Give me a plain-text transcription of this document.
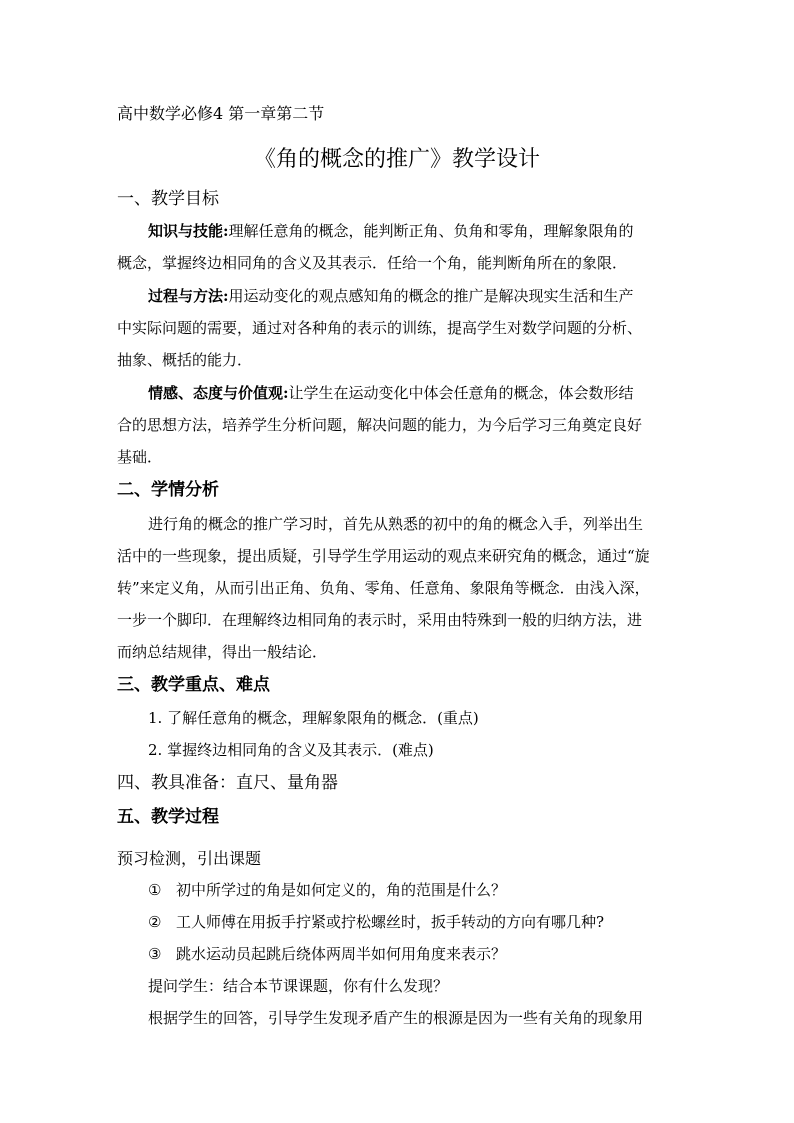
高中数学必修4 第一章第二节
《角的概念的推广》教学设计
一、教学目标
知识与技能:理解任意角的概念，能判断正角、负角和零角，理解象限角的
概念，掌握终边相同角的含义及其表示．任给一个角，能判断角所在的象限．
过程与方法:用运动变化的观点感知角的概念的推广是解决现实生活和生产
中实际问题的需要，通过对各种角的表示的训练，提高学生对数学问题的分析、
抽象、概括的能力．
情感、态度与价值观:让学生在运动变化中体会任意角的概念，体会数形结
合的思想方法，培养学生分析问题，解决问题的能力，为今后学习三角奠定良好
基础．
二、学情分析
进行角的概念的推广学习时，首先从熟悉的初中的角的概念入手，列举出生
活中的一些现象，提出质疑，引导学生学用运动的观点来研究角的概念，通过“旋
转”来定义角，从而引出正角、负角、零角、任意角、象限角等概念．由浅入深，
一步一个脚印．在理解终边相同角的表示时，采用由特殊到一般的归纳方法，进
而纳总结规律，得出一般结论．
三、教学重点、难点
1. 了解任意角的概念，理解象限角的概念．(重点)
2. 掌握终边相同角的含义及其表示．(难点)
四、教具准备：直尺、量角器
五、教学过程
预习检测，引出课题
① 初中所学过的角是如何定义的，角的范围是什么？
② 工人师傅在用扳手拧紧或拧松螺丝时，扳手转动的方向有哪几种?
③ 跳水运动员起跳后绕体两周半如何用角度来表示？
提问学生：结合本节课课题，你有什么发现？
根据学生的回答，引导学生发现矛盾产生的根源是因为一些有关角的现象用
